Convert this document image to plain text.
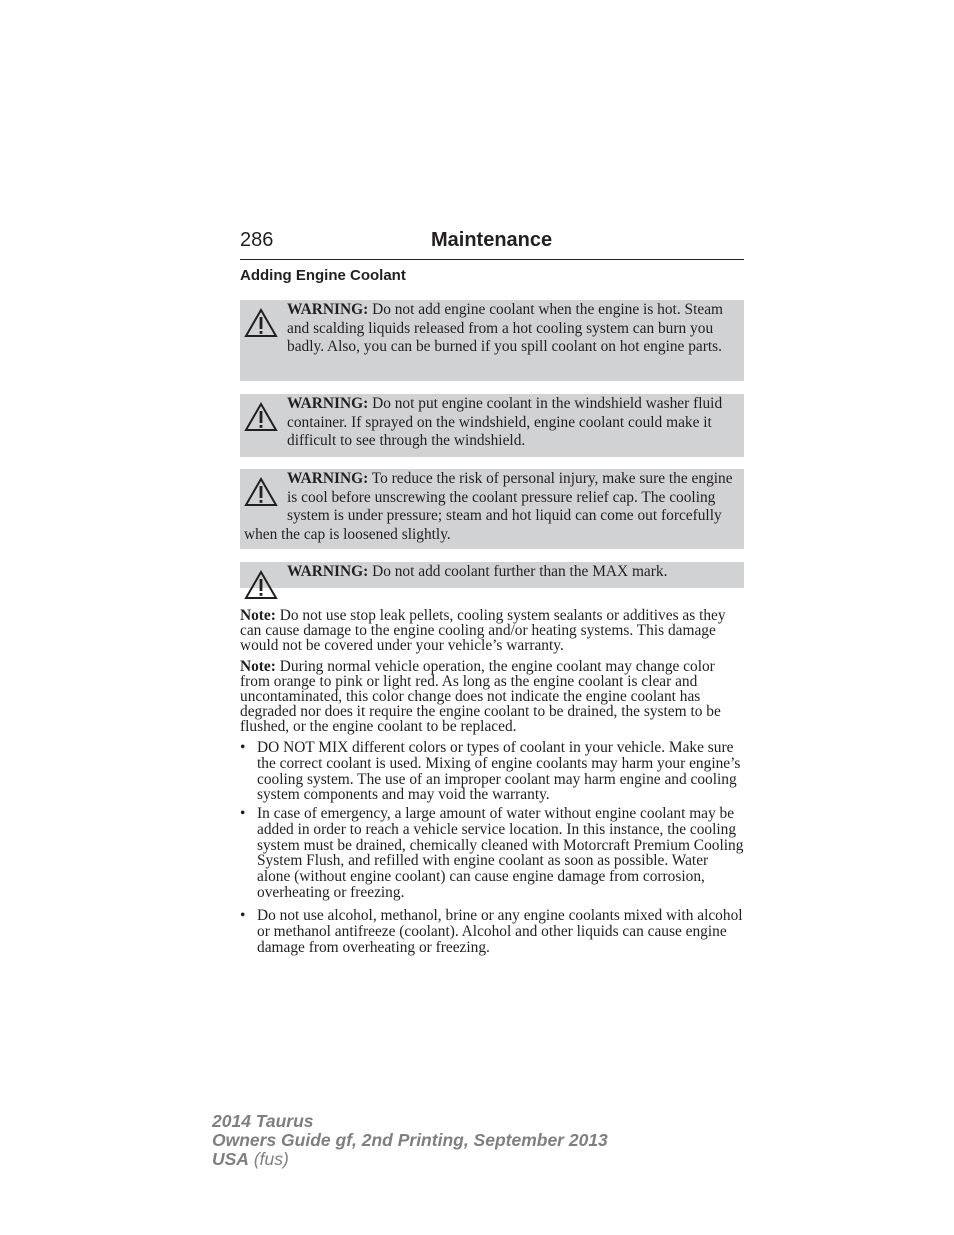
286	Maintenance
Adding Engine Coolant
WARNING: Do not add engine coolant when the engine is hot. Steam and scalding liquids released from a hot cooling system can burn you badly. Also, you can be burned if you spill coolant on hot engine parts.
WARNING: Do not put engine coolant in the windshield washer fluid container. If sprayed on the windshield, engine coolant could make it difficult to see through the windshield.
WARNING: To reduce the risk of personal injury, make sure the engine is cool before unscrewing the coolant pressure relief cap. The cooling system is under pressure; steam and hot liquid can come out forcefully when the cap is loosened slightly.
WARNING: Do not add coolant further than the MAX mark.
Note: Do not use stop leak pellets, cooling system sealants or additives as they can cause damage to the engine cooling and/or heating systems. This damage would not be covered under your vehicle’s warranty.
Note: During normal vehicle operation, the engine coolant may change color from orange to pink or light red. As long as the engine coolant is clear and uncontaminated, this color change does not indicate the engine coolant has degraded nor does it require the engine coolant to be drained, the system to be flushed, or the engine coolant to be replaced.
• DO NOT MIX different colors or types of coolant in your vehicle. Make sure the correct coolant is used. Mixing of engine coolants may harm your engine’s cooling system. The use of an improper coolant may harm engine and cooling system components and may void the warranty.
• In case of emergency, a large amount of water without engine coolant may be added in order to reach a vehicle service location. In this instance, the cooling system must be drained, chemically cleaned with Motorcraft Premium Cooling System Flush, and refilled with engine coolant as soon as possible. Water alone (without engine coolant) can cause engine damage from corrosion, overheating or freezing.
• Do not use alcohol, methanol, brine or any engine coolants mixed with alcohol or methanol antifreeze (coolant). Alcohol and other liquids can cause engine damage from overheating or freezing.
2014 Taurus
Owners Guide gf, 2nd Printing, September 2013
USA (fus)
